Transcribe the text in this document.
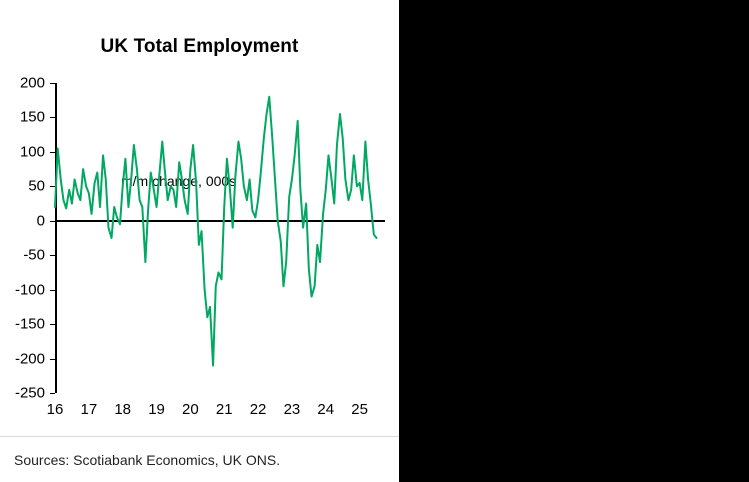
UK Total Employment
m/m change, 000s
200
150
100
50
0
-50
-100
-150
-200
-250
16 17 18 19 20 21 22 23 24 25
Sources: Scotiabank Economics, UK ONS.
